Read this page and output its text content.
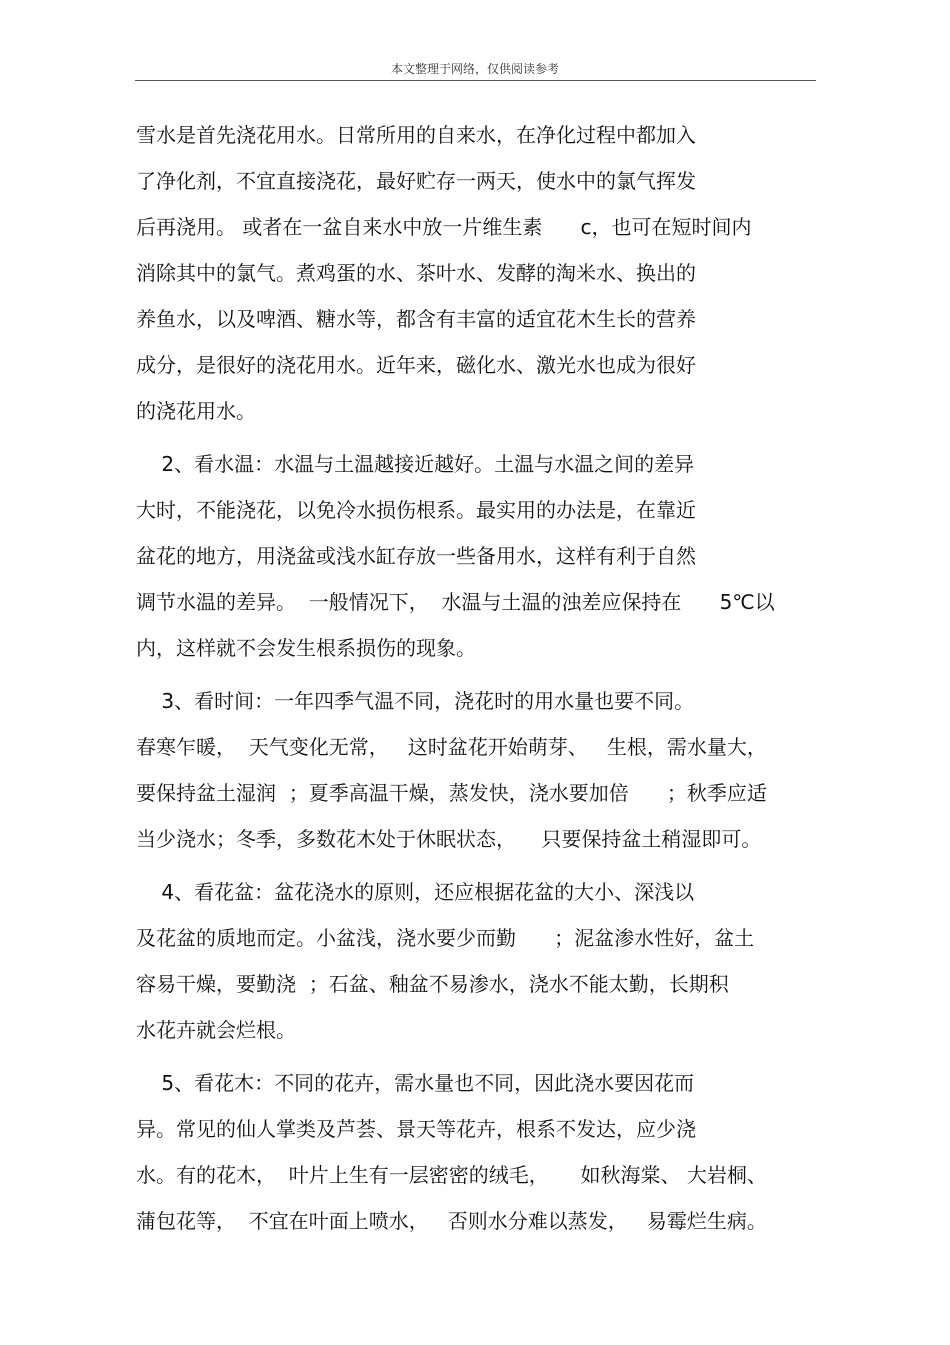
本文整理于网络，仅供阅读参考
雪水是首先浇花用水。日常所用的自来水，在净化过程中都加入
了净化剂，不宜直接浇花，最好贮存一两天，使水中的氯气挥发
后再浇用。 或者在一盆自来水中放一片维生素      c，也可在短时间内
消除其中的氯气。煮鸡蛋的水、茶叶水、发酵的淘米水、换出的
养鱼水，以及啤酒、糖水等，都含有丰富的适宜花木生长的营养
成分，是很好的浇花用水。近年来，磁化水、激光水也成为很好
的浇花用水。
2、看水温：水温与土温越接近越好。土温与水温之间的差异
大时，不能浇花，以免冷水损伤根系。最实用的办法是，在靠近
盆花的地方，用浇盆或浅水缸存放一些备用水，这样有利于自然
调节水温的差异。  一般情况下，  水温与土温的浊差应保持在      5℃以
内，这样就不会发生根系损伤的现象。
3、看时间：一年四季气温不同，浇花时的用水量也要不同。
春寒乍暖，  天气变化无常，   这时盆花开始萌芽、   生根，需水量大，
要保持盆土湿润  ；夏季高温干燥，蒸发快，浇水要加倍      ；秋季应适
当少浇水；冬季，多数花木处于休眠状态，    只要保持盆土稍湿即可。
4、看花盆：盆花浇水的原则，还应根据花盆的大小、深浅以
及花盆的质地而定。小盆浅，浇水要少而勤      ；泥盆渗水性好，盆土
容易干燥，要勤浇  ；石盆、釉盆不易渗水，浇水不能太勤，长期积
水花卉就会烂根。
5、看花木：不同的花卉，需水量也不同，因此浇水要因花而
异。常见的仙人掌类及芦荟、景天等花卉，根系不发达，应少浇
水。有的花木，  叶片上生有一层密密的绒毛，     如秋海棠、 大岩桐、
蒲包花等，  不宜在叶面上喷水，   否则水分难以蒸发，   易霉烂生病。
